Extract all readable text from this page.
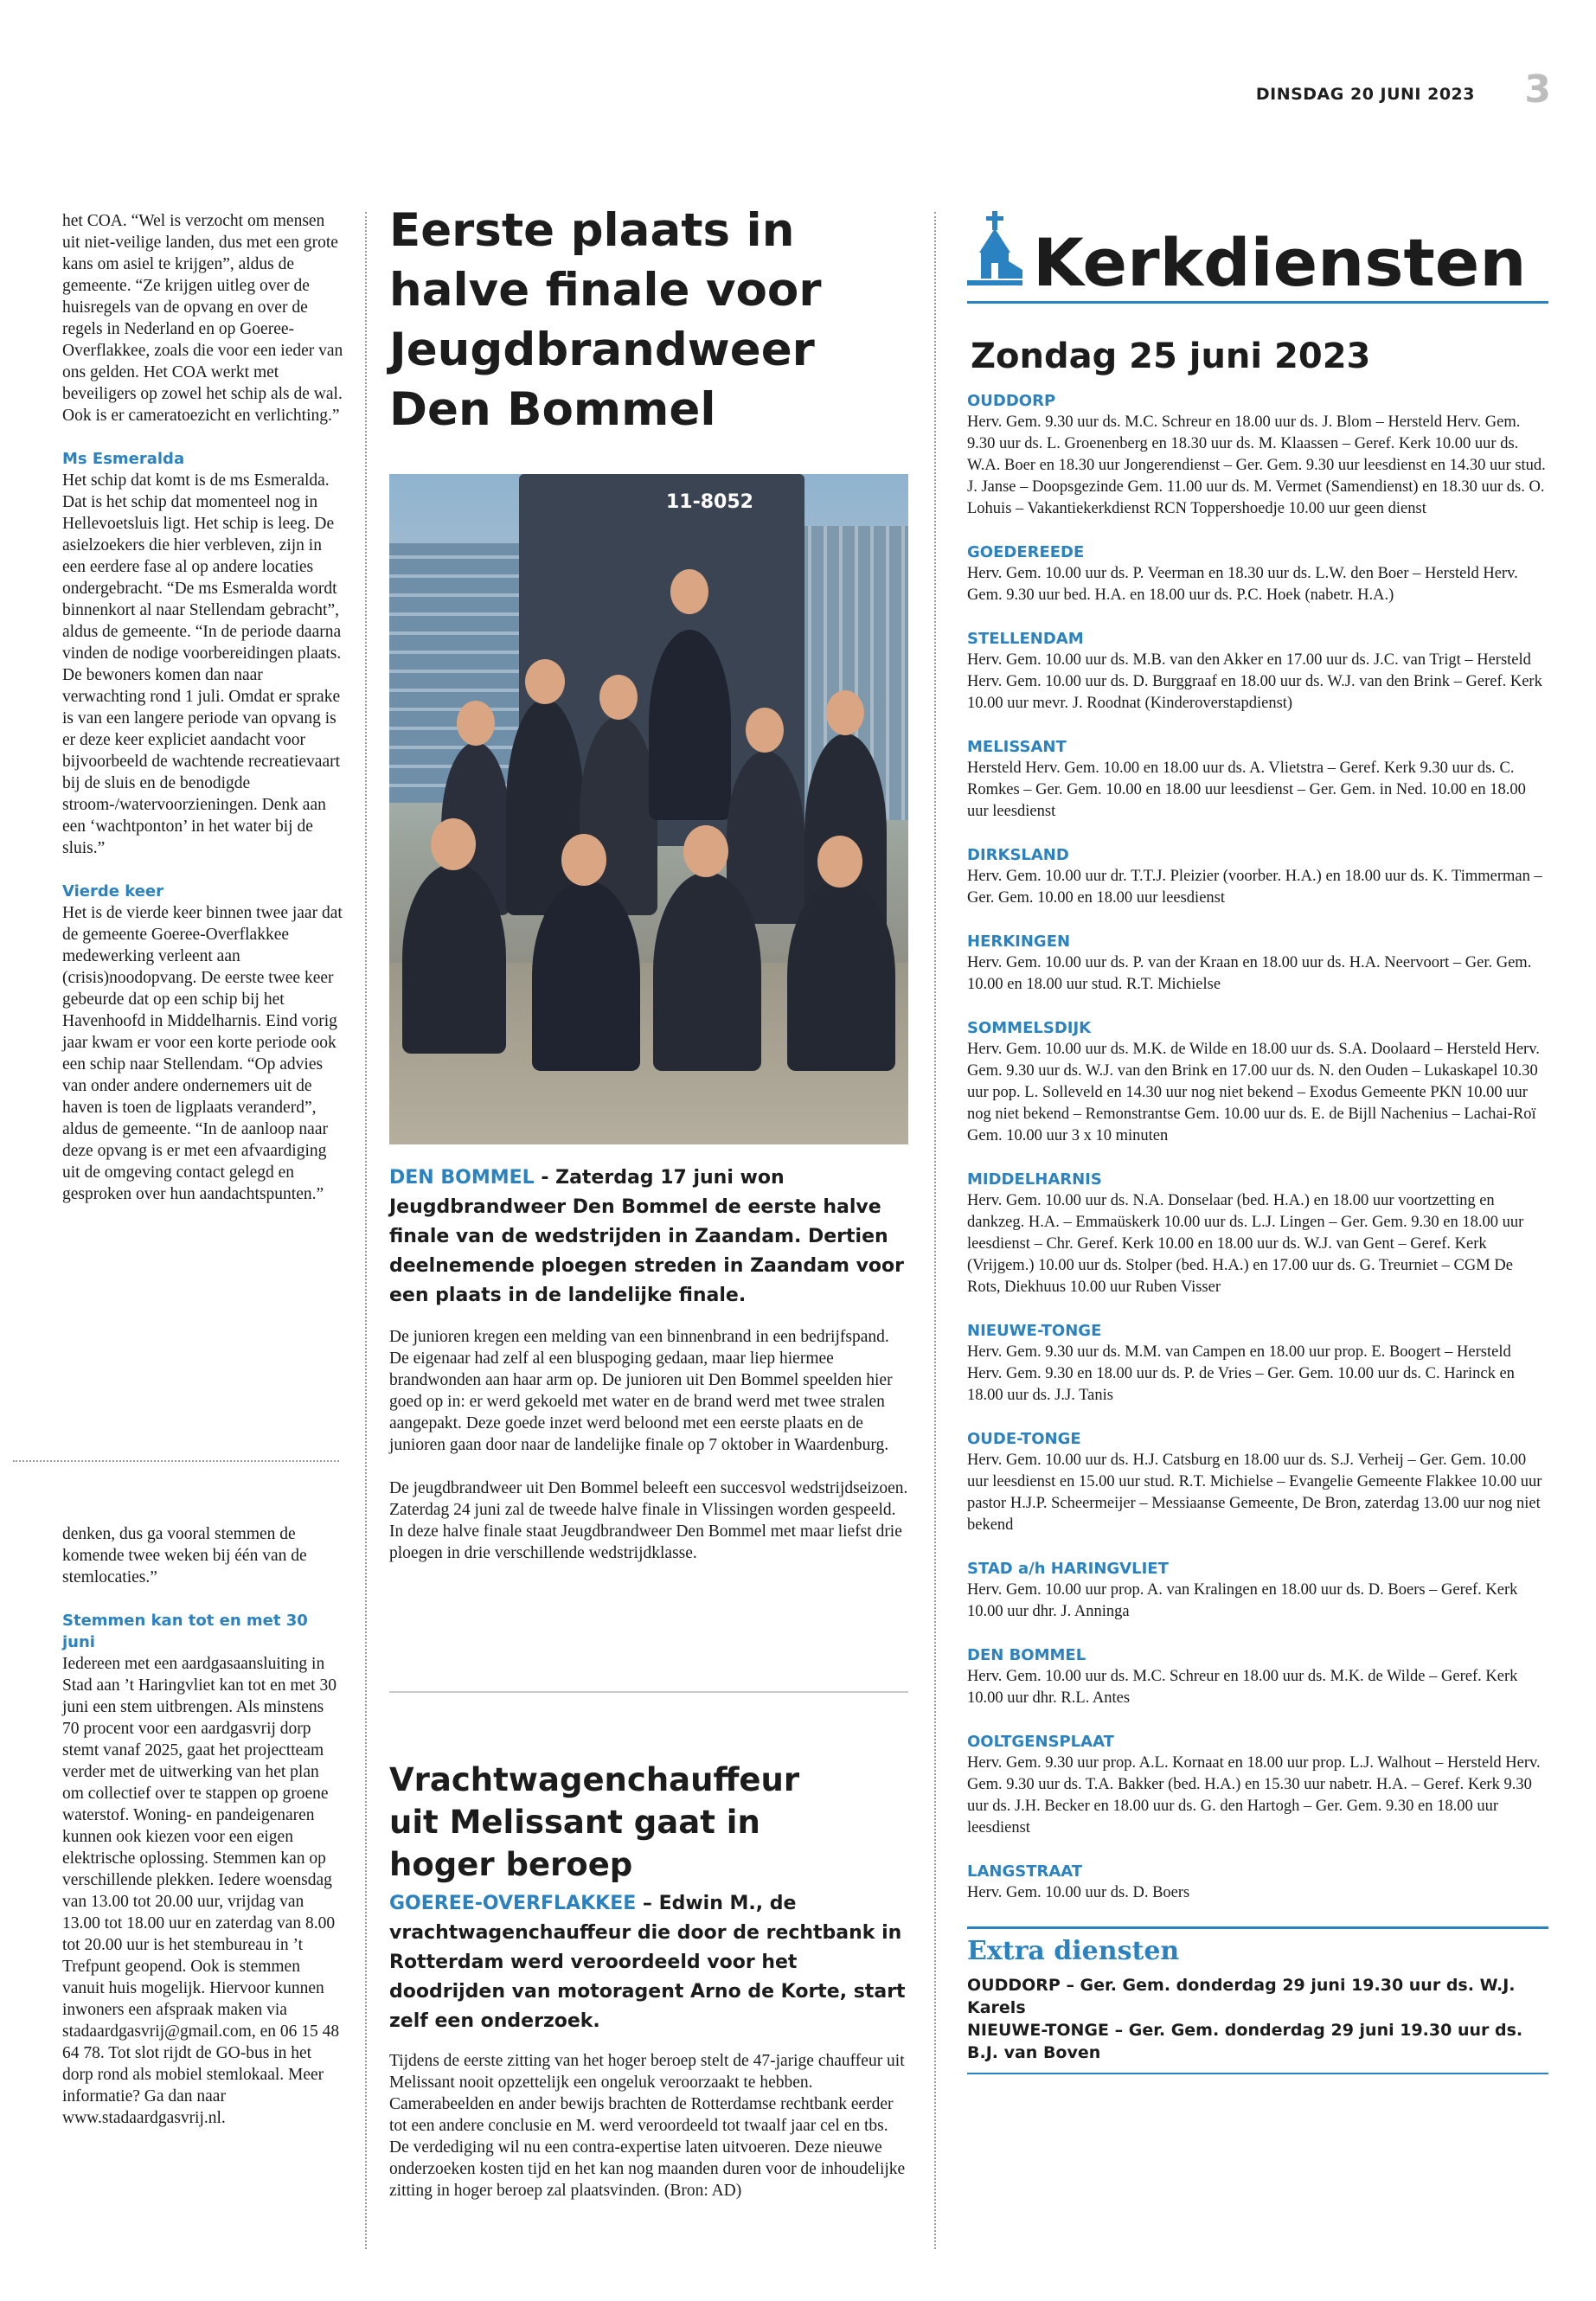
DINSDAG 20 JUNI 2023 3

het COA. “Wel is verzocht om mensen uit niet-veilige landen, dus met een grote kans om asiel te krijgen”, aldus de gemeente. “Ze krijgen uitleg over de huisregels van de opvang en over de regels in Nederland en op Goeree-Overflakkee, zoals die voor een ieder van ons gelden. Het COA werkt met beveiligers op zowel het schip als de wal. Ook is er cameratoezicht en verlichting.”

Ms Esmeralda

Het schip dat komt is de ms Esmeralda. Dat is het schip dat momenteel nog in Hellevoetsluis ligt. Het schip is leeg. De asielzoekers die hier verbleven, zijn in een eerdere fase al op andere locaties ondergebracht. “De ms Esmeralda wordt binnenkort al naar Stellendam gebracht”, aldus de gemeente. “In de periode daarna vinden de nodige voorbereidingen plaats. De bewoners komen dan naar verwachting rond 1 juli. Omdat er sprake is van een langere periode van opvang is er deze keer expliciet aandacht voor bijvoorbeeld de wachtende recreatievaart bij de sluis en de benodigde stroom-/watervoorzieningen. Denk aan een ‘wachtponton’ in het water bij de sluis.”

Vierde keer

Het is de vierde keer binnen twee jaar dat de gemeente Goeree-Overflakkee medewerking verleent aan (crisis)noodopvang. De eerste twee keer gebeurde dat op een schip bij het Havenhoofd in Middelharnis. Eind vorig jaar kwam er voor een korte periode ook een schip naar Stellendam. “Op advies van onder andere ondernemers uit de haven is toen de ligplaats veranderd”, aldus de gemeente. “In de aanloop naar deze opvang is er met een afvaardiging uit de omgeving contact gelegd en gesproken over hun aandachtspunten.”

denken, dus ga vooral stemmen de komende twee weken bij één van de stemlocaties.”

Stemmen kan tot en met 30 juni

Iedereen met een aardgasaansluiting in Stad aan ’t Haringvliet kan tot en met 30 juni een stem uitbrengen. Als minstens 70 procent voor een aardgasvrij dorp stemt vanaf 2025, gaat het projectteam verder met de uitwerking van het plan om collectief over te stappen op groene waterstof. Woning- en pandeigenaren kunnen ook kiezen voor een eigen elektrische oplossing. Stemmen kan op verschillende plekken. Iedere woensdag van 13.00 tot 20.00 uur, vrijdag van 13.00 tot 18.00 uur en zaterdag van 8.00 tot 20.00 uur is het stembureau in ’t Trefpunt geopend. Ook is stemmen vanuit huis mogelijk. Hiervoor kunnen inwoners een afspraak maken via stadaardgasvrij@gmail.com, en 06 15 48 64 78. Tot slot rijdt de GO-bus in het dorp rond als mobiel stemlokaal. Meer informatie? Ga dan naar www.stadaardgasvrij.nl.

Eerste plaats in
halve finale voor
Jeugdbrandweer
Den Bommel
11-8052
DEN BOMMEL - Zaterdag 17 juni won Jeugdbrandweer Den Bommel de eerste halve finale van de wedstrijden in Zaandam. Dertien deelnemende ploegen streden in Zaandam voor een plaats in de landelijke finale.

De junioren kregen een melding van een binnenbrand in een bedrijfspand. De eigenaar had zelf al een bluspoging gedaan, maar liep hiermee brandwonden aan haar arm op. De junioren uit Den Bommel speelden hier goed op in: er werd gekoeld met water en de brand werd met twee stralen aangepakt. Deze goede inzet werd beloond met een eerste plaats en de junioren gaan door naar de landelijke finale op 7 oktober in Waardenburg.

De jeugdbrandweer uit Den Bommel beleeft een succesvol wedstrijdseizoen. Zaterdag 24 juni zal de tweede halve finale in Vlissingen worden gespeeld. In deze halve finale staat Jeugdbrandweer Den Bommel met maar liefst drie ploegen in drie verschillende wedstrijdklasse.

Vrachtwagenchauffeur
uit Melissant gaat in
hoger beroep
GOEREE-OVERFLAKKEE – Edwin M., de vrachtwagenchauffeur die door de rechtbank in Rotterdam werd veroordeeld voor het doodrijden van motoragent Arno de Korte, start zelf een onderzoek.

Tijdens de eerste zitting van het hoger beroep stelt de 47-jarige chauffeur uit Melissant nooit opzettelijk een ongeluk veroorzaakt te hebben. Camerabeelden en ander bewijs brachten de Rotterdamse rechtbank eerder tot een andere conclusie en M. werd veroordeeld tot twaalf jaar cel en tbs. De verdediging wil nu een contra-expertise laten uitvoeren. Deze nieuwe onderzoeken kosten tijd en het kan nog maanden duren voor de inhoudelijke zitting in hoger beroep zal plaatsvinden. (Bron: AD)

Kerkdiensten
Zondag 25 juni 2023
OUDDORP
Herv. Gem. 9.30 uur ds. M.C. Schreur en 18.00 uur ds. J. Blom – Hersteld Herv. Gem. 9.30 uur ds. L. Groenenberg en 18.30 uur ds. M. Klaassen – Geref. Kerk 10.00 uur ds. W.A. Boer en 18.30 uur Jongerendienst – Ger. Gem. 9.30 uur leesdienst en 14.30 uur stud. J. Janse – Doopsgezinde Gem. 11.00 uur ds. M. Vermet (Samendienst) en 18.30 uur ds. O. Lohuis – Vakantiekerkdienst RCN Toppershoedje 10.00 uur geen dienst
GOEDEREEDE
Herv. Gem. 10.00 uur ds. P. Veerman en 18.30 uur ds. L.W. den Boer – Hersteld Herv. Gem. 9.30 uur bed. H.A. en 18.00 uur ds. P.C. Hoek (nabetr. H.A.)
STELLENDAM
Herv. Gem. 10.00 uur ds. M.B. van den Akker en 17.00 uur ds. J.C. van Trigt – Hersteld Herv. Gem. 10.00 uur ds. D. Burggraaf en 18.00 uur ds. W.J. van den Brink – Geref. Kerk 10.00 uur mevr. J. Roodnat (Kinderoverstapdienst)
MELISSANT
Hersteld Herv. Gem. 10.00 en 18.00 uur ds. A. Vlietstra – Geref. Kerk 9.30 uur ds. C. Romkes – Ger. Gem. 10.00 en 18.00 uur leesdienst – Ger. Gem. in Ned. 10.00 en 18.00 uur leesdienst
DIRKSLAND
Herv. Gem. 10.00 uur dr. T.T.J. Pleizier (voorber. H.A.) en 18.00 uur ds. K. Timmerman – Ger. Gem. 10.00 en 18.00 uur leesdienst
HERKINGEN
Herv. Gem. 10.00 uur ds. P. van der Kraan en 18.00 uur ds. H.A. Neervoort – Ger. Gem. 10.00 en 18.00 uur stud. R.T. Michielse
SOMMELSDIJK
Herv. Gem. 10.00 uur ds. M.K. de Wilde en 18.00 uur ds. S.A. Doolaard – Hersteld Herv. Gem. 9.30 uur ds. W.J. van den Brink en 17.00 uur ds. N. den Ouden – Lukaskapel 10.30 uur pop. L. Solleveld en 14.30 uur nog niet bekend – Exodus Gemeente PKN 10.00 uur nog niet bekend – Remonstrantse Gem. 10.00 uur ds. E. de Bijll Nachenius – Lachai-Roï Gem. 10.00 uur 3 x 10 minuten
MIDDELHARNIS
Herv. Gem. 10.00 uur ds. N.A. Donselaar (bed. H.A.) en 18.00 uur voortzetting en dankzeg. H.A. – Emmaüskerk 10.00 uur ds. L.J. Lingen – Ger. Gem. 9.30 en 18.00 uur leesdienst – Chr. Geref. Kerk 10.00 en 18.00 uur ds. W.J. van Gent – Geref. Kerk (Vrijgem.) 10.00 uur ds. Stolper (bed. H.A.) en 17.00 uur ds. G. Treurniet – CGM De Rots, Diekhuus 10.00 uur Ruben Visser
NIEUWE-TONGE
Herv. Gem. 9.30 uur ds. M.M. van Campen en 18.00 uur prop. E. Boogert – Hersteld Herv. Gem. 9.30 en 18.00 uur ds. P. de Vries – Ger. Gem. 10.00 uur ds. C. Harinck en 18.00 uur ds. J.J. Tanis
OUDE-TONGE
Herv. Gem. 10.00 uur ds. H.J. Catsburg en 18.00 uur ds. S.J. Verheij – Ger. Gem. 10.00 uur leesdienst en 15.00 uur stud. R.T. Michielse – Evangelie Gemeente Flakkee 10.00 uur pastor H.J.P. Scheermeijer – Messiaanse Gemeente, De Bron, zaterdag 13.00 uur nog niet bekend
STAD a/h HARINGVLIET
Herv. Gem. 10.00 uur prop. A. van Kralingen en 18.00 uur ds. D. Boers – Geref. Kerk 10.00 uur dhr. J. Anninga
DEN BOMMEL
Herv. Gem. 10.00 uur ds. M.C. Schreur en 18.00 uur ds. M.K. de Wilde – Geref. Kerk 10.00 uur dhr. R.L. Antes
OOLTGENSPLAAT
Herv. Gem. 9.30 uur prop. A.L. Kornaat en 18.00 uur prop. L.J. Walhout – Hersteld Herv. Gem. 9.30 uur ds. T.A. Bakker (bed. H.A.) en 15.30 uur nabetr. H.A. – Geref. Kerk 9.30 uur ds. J.H. Becker en 18.00 uur ds. G. den Hartogh – Ger. Gem. 9.30 en 18.00 uur leesdienst
LANGSTRAAT
Herv. Gem. 10.00 uur ds. D. Boers
Extra diensten
OUDDORP – Ger. Gem. donderdag 29 juni 19.30 uur ds. W.J. Karels
NIEUWE-TONGE – Ger. Gem. donderdag 29 juni 19.30 uur ds. B.J. van Boven
